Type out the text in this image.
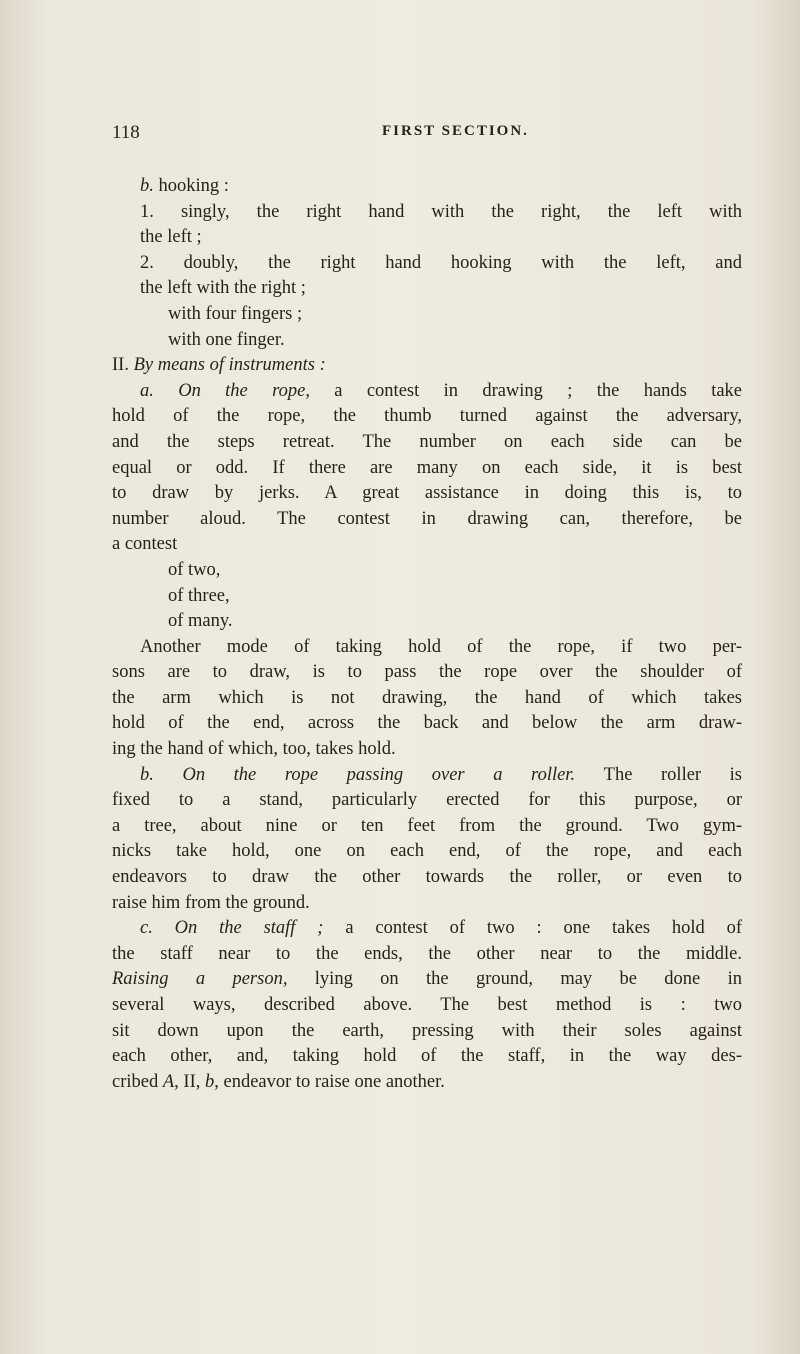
118	FIRST SECTION.
b. hooking :
1. singly, the right hand with the right, the left with
the left ;
2. doubly, the right hand hooking with the left, and
the left with the right ;
with four fingers ;
with one finger.
II. By means of instruments :
a. On the rope, a contest in drawing ; the hands take
hold of the rope, the thumb turned against the adversary,
and the steps retreat. The number on each side can be
equal or odd. If there are many on each side, it is best
to draw by jerks. A great assistance in doing this is, to
number aloud. The contest in drawing can, therefore, be
a contest
of two,
of three,
of many.
Another mode of taking hold of the rope, if two per-
sons are to draw, is to pass the rope over the shoulder of
the arm which is not drawing, the hand of which takes
hold of the end, across the back and below the arm draw-
ing the hand of which, too, takes hold.
b. On the rope passing over a roller. The roller is
fixed to a stand, particularly erected for this purpose, or
a tree, about nine or ten feet from the ground. Two gym-
nicks take hold, one on each end, of the rope, and each
endeavors to draw the other towards the roller, or even to
raise him from the ground.
c. On the staff ; a contest of two : one takes hold of
the staff near to the ends, the other near to the middle.
Raising a person, lying on the ground, may be done in
several ways, described above. The best method is : two
sit down upon the earth, pressing with their soles against
each other, and, taking hold of the staff, in the way des-
cribed A, II, b, endeavor to raise one another.
